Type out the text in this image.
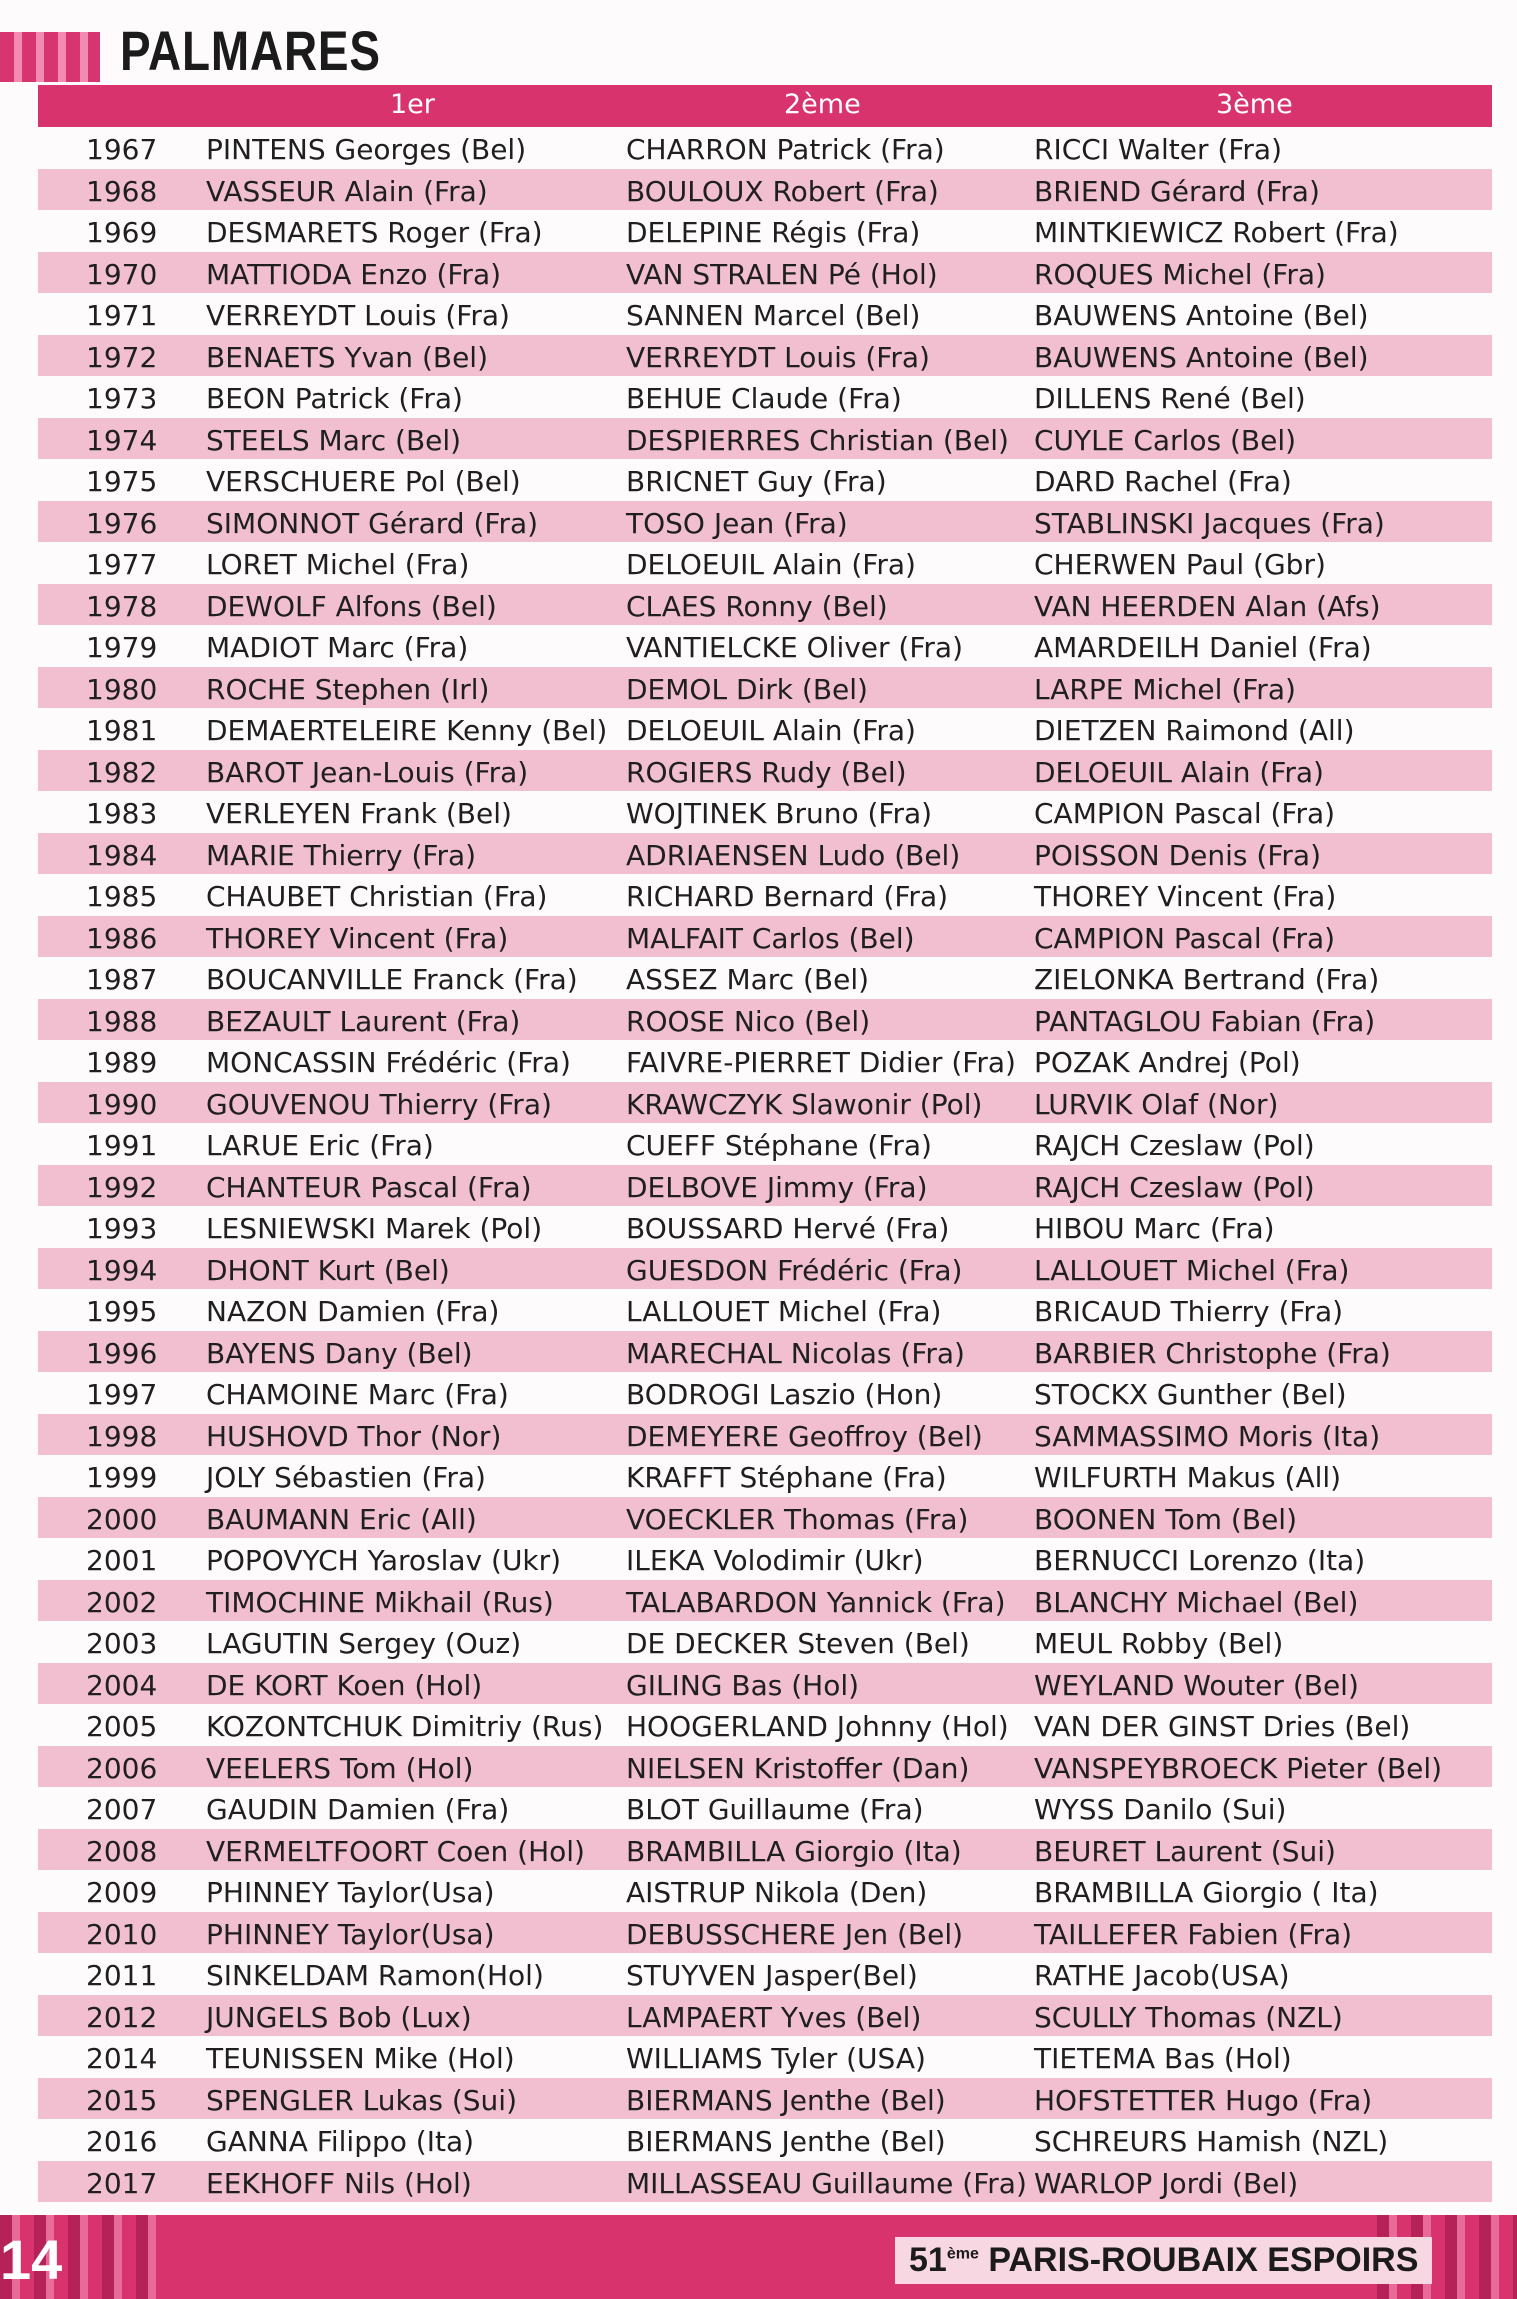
PALMARES
1er	2ème	3ème
1967	PINTENS Georges (Bel)	CHARRON Patrick (Fra)	RICCI Walter (Fra)
1968	VASSEUR Alain (Fra)	BOULOUX Robert (Fra)	BRIEND Gérard (Fra)
1969	DESMARETS Roger (Fra)	DELEPINE Régis (Fra)	MINTKIEWICZ Robert (Fra)
1970	MATTIODA Enzo (Fra)	VAN STRALEN Pé (Hol)	ROQUES Michel (Fra)
1971	VERREYDT Louis (Fra)	SANNEN Marcel (Bel)	BAUWENS Antoine (Bel)
1972	BENAETS Yvan (Bel)	VERREYDT Louis (Fra)	BAUWENS Antoine (Bel)
1973	BEON Patrick (Fra)	BEHUE Claude (Fra)	DILLENS René (Bel)
1974	STEELS Marc (Bel)	DESPIERRES Christian (Bel) CUYLE Carlos (Bel)
1975	VERSCHUERE Pol (Bel)	BRICNET Guy (Fra)	DARD Rachel (Fra)
1976	SIMONNOT Gérard (Fra)	TOSO Jean (Fra)	STABLINSKI Jacques (Fra)
1977	LORET Michel (Fra)	DELOEUIL Alain (Fra)	CHERWEN Paul (Gbr)
1978	DEWOLF Alfons (Bel)	CLAES Ronny (Bel)	VAN HEERDEN Alan (Afs)
1979	MADIOT Marc (Fra)	VANTIELCKE Oliver (Fra)	AMARDEILH Daniel (Fra)
1980	ROCHE Stephen (Irl)	DEMOL Dirk (Bel)	LARPE Michel (Fra)
1981	DEMAERTELEIRE Kenny (Bel) DELOEUIL Alain (Fra)	DIETZEN Raimond (All)
1982	BAROT Jean-Louis (Fra)	ROGIERS Rudy (Bel)	DELOEUIL Alain (Fra)
1983	VERLEYEN Frank (Bel)	WOJTINEK Bruno (Fra)	CAMPION Pascal (Fra)
1984	MARIE Thierry (Fra)	ADRIAENSEN Ludo (Bel)	POISSON Denis (Fra)
1985	CHAUBET Christian (Fra)	RICHARD Bernard (Fra)	THOREY Vincent (Fra)
1986	THOREY Vincent (Fra)	MALFAIT Carlos (Bel)	CAMPION Pascal (Fra)
1987	BOUCANVILLE Franck (Fra) ASSEZ Marc (Bel)	ZIELONKA Bertrand (Fra)
1988	BEZAULT Laurent (Fra)	ROOSE Nico (Bel)	PANTAGLOU Fabian (Fra)
1989	MONCASSIN Frédéric (Fra) FAIVRE-PIERRET Didier (Fra) POZAK Andrej (Pol)
1990	GOUVENOU Thierry (Fra)	KRAWCZYK Slawonir (Pol) LURVIK Olaf (Nor)
1991	LARUE Eric (Fra)	CUEFF Stéphane (Fra)	RAJCH Czeslaw (Pol)
1992	CHANTEUR Pascal (Fra)	DELBOVE Jimmy (Fra)	RAJCH Czeslaw (Pol)
1993	LESNIEWSKI Marek (Pol)	BOUSSARD Hervé (Fra)	HIBOU Marc (Fra)
1994	DHONT Kurt (Bel)	GUESDON Frédéric (Fra)	LALLOUET Michel (Fra)
1995	NAZON Damien (Fra)	LALLOUET Michel (Fra)	BRICAUD Thierry (Fra)
1996	BAYENS Dany (Bel)	MARECHAL Nicolas (Fra) BARBIER Christophe (Fra)
1997	CHAMOINE Marc (Fra)	BODROGI Laszio (Hon)	STOCKX Gunther (Bel)
1998	HUSHOVD Thor (Nor)	DEMEYERE Geoffroy (Bel) SAMMASSIMO Moris (Ita)
1999	JOLY Sébastien (Fra)	KRAFFT Stéphane (Fra)	WILFURTH Makus (All)
2000	BAUMANN Eric (All)	VOECKLER Thomas (Fra) BOONEN Tom (Bel)
2001	POPOVYCH Yaroslav (Ukr) ILEKA Volodimir (Ukr)	BERNUCCI Lorenzo (Ita)
2002	TIMOCHINE Mikhail (Rus)	TALABARDON Yannick (Fra) BLANCHY Michael (Bel)
2003	LAGUTIN Sergey (Ouz)	DE DECKER Steven (Bel) MEUL Robby (Bel)
2004	DE KORT Koen (Hol)	GILING Bas (Hol)	WEYLAND Wouter (Bel)
2005	KOZONTCHUK Dimitriy (Rus) HOOGERLAND Johnny (Hol) VAN DER GINST Dries (Bel)
2006	VEELERS Tom (Hol)	NIELSEN Kristoffer (Dan) VANSPEYBROECK Pieter (Bel)
2007	GAUDIN Damien (Fra)	BLOT Guillaume (Fra)	WYSS Danilo (Sui)
2008	VERMELTFOORT Coen (Hol) BRAMBILLA Giorgio (Ita)	BEURET Laurent (Sui)
2009	PHINNEY Taylor(Usa)	AISTRUP Nikola (Den)	BRAMBILLA Giorgio ( Ita)
2010	PHINNEY Taylor(Usa)	DEBUSSCHERE Jen (Bel)	TAILLEFER Fabien (Fra)
2011	SINKELDAM Ramon(Hol)	STUYVEN Jasper(Bel)	RATHE Jacob(USA)
2012	JUNGELS Bob (Lux)	LAMPAERT Yves (Bel)	SCULLY Thomas (NZL)
2014	TEUNISSEN Mike (Hol)	WILLIAMS Tyler (USA)	TIETEMA Bas (Hol)
2015	SPENGLER Lukas (Sui)	BIERMANS Jenthe (Bel)	HOFSTETTER Hugo (Fra)
2016	GANNA Filippo (Ita)	BIERMANS Jenthe (Bel)	SCHREURS Hamish (NZL)
2017	EEKHOFF Nils (Hol)	MILLASSEAU Guillaume (Fra) WARLOP Jordi (Bel)
14	51ème PARIS-ROUBAIX ESPOIRS
